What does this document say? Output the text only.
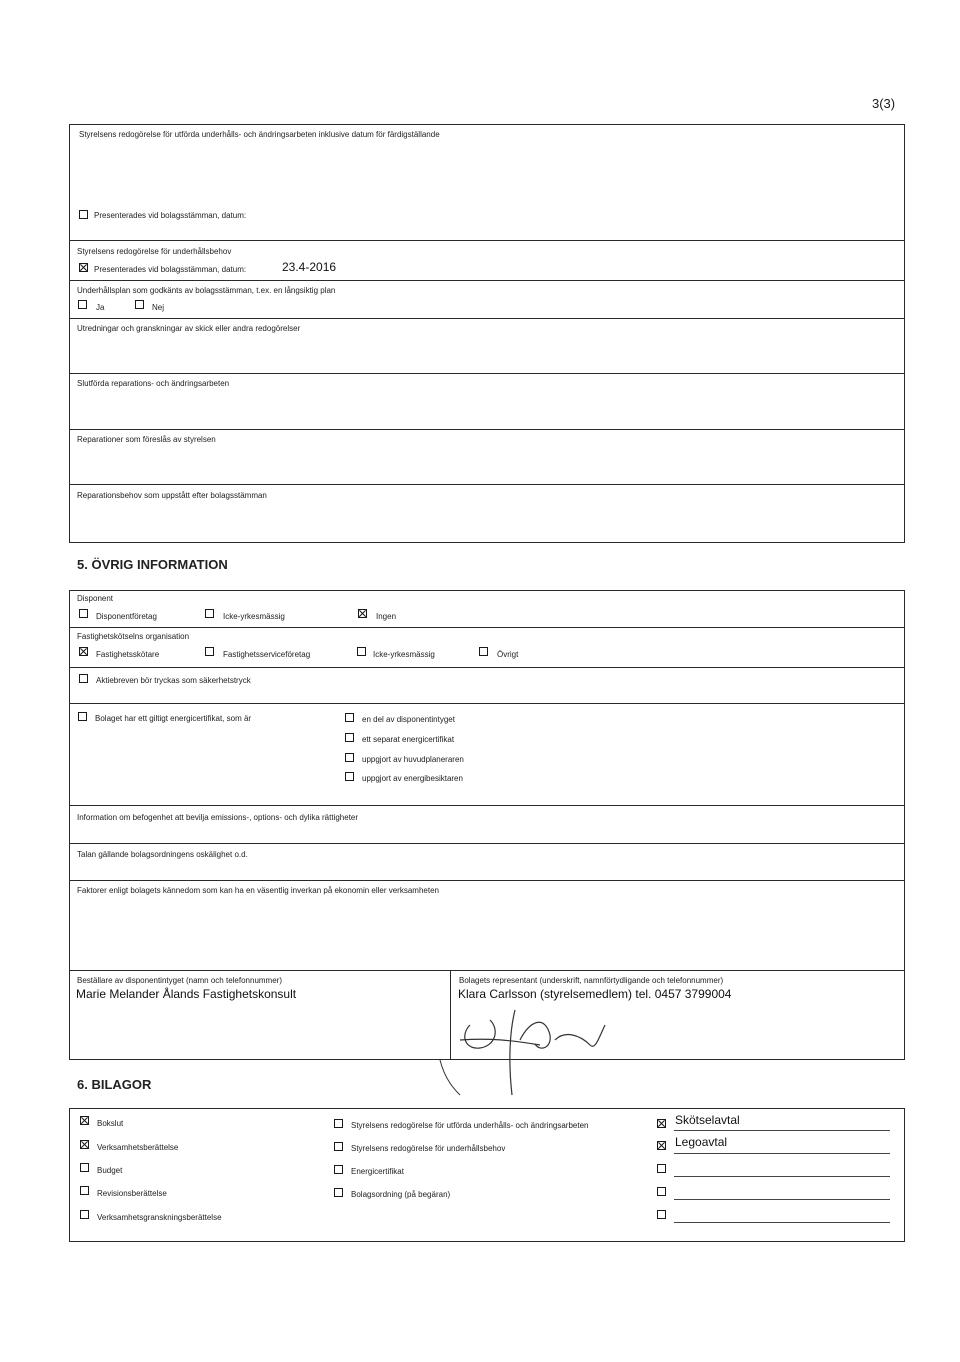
3(3)
Styrelsens redogörelse för utförda underhålls- och ändringsarbeten inklusive datum för färdigställande
Presenterades vid bolagsstämman, datum:
Styrelsens redogörelse för underhållsbehov
Presenterades vid bolagsstämman, datum:	23.4-2016
Underhållsplan som godkänts av bolagsstämman, t.ex. en långsiktig plan
Ja	Nej
Utredningar och granskningar av skick eller andra redogörelser
Slutförda reparations- och ändringsarbeten
Reparationer som föreslås av styrelsen
Reparationsbehov som uppstått efter bolagsstämman
5. ÖVRIG INFORMATION
Disponent
Disponentföretag	Icke-yrkesmässig	Ingen
Fastighetskötselns organisation
Fastighetsskötare	Fastighetsserviceföretag	Icke-yrkesmässig	Övrigt
Aktiebreven bör tryckas som säkerhetstryck
Bolaget har ett giltigt energicertifikat, som är	en del av disponentintyget
ett separat energicertifikat
uppgjort av huvudplaneraren
uppgjort av energibesiktaren
Information om befogenhet att bevilja emissions-, options- och dylika rättigheter
Talan gällande bolagsordningens oskälighet o.d.
Faktorer enligt bolagets kännedom som kan ha en väsentlig inverkan på ekonomin eller verksamheten
Beställare av disponentintyget (namn och telefonnummer)
Marie Melander Ålands Fastighetskonsult
Bolagets representant (underskrift, namnförtydligande och telefonnummer)
Klara Carlsson (styrelsemedlem) tel. 0457 3799004
6. BILAGOR
Bokslut
Verksamhetsberättelse
Budget
Revisionsberättelse
Verksamhetsgranskningsberättelse
Styrelsens redogörelse för utförda underhålls- och ändringsarbeten
Styrelsens redogörelse för underhållsbehov
Energicertifikat
Bolagsordning (på begäran)
Skötselavtal
Legoavtal
